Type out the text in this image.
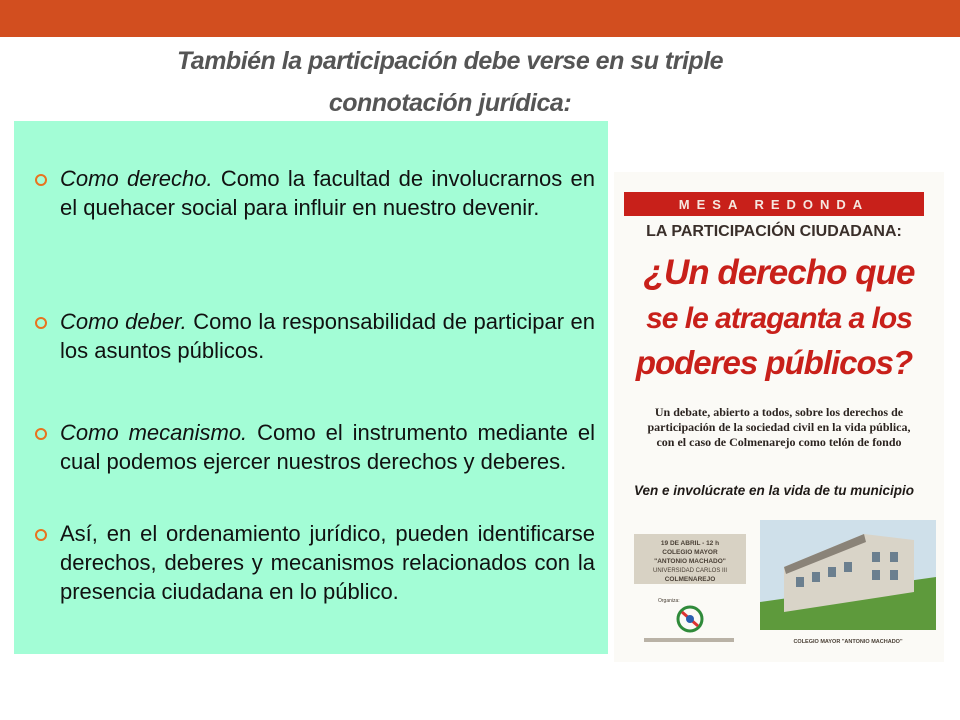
También la participación debe verse en su triple
connotación jurídica:
Como derecho. Como la facultad de involucrarnos en el quehacer social para influir en nuestro devenir.
Como deber. Como la responsabilidad de participar en los asuntos públicos.
Como mecanismo. Como el instrumento mediante el cual podemos ejercer nuestros derechos y deberes.
Así, en el ordenamiento jurídico, pueden identificarse derechos, deberes y mecanismos relacionados con la presencia ciudadana en lo público.
MESA REDONDA
LA PARTICIPACIÓN CIUDADANA:
¿Un derecho que
se le atraganta a los
poderes públicos?
Un debate, abierto a todos, sobre los derechos de
participación de la sociedad civil en la vida pública,
con el caso de Colmenarejo como telón de fondo
Ven e involúcrate en la vida de tu municipio
19 DE ABRIL - 12 h
COLEGIO MAYOR
"ANTONIO MACHADO"
UNIVERSIDAD CARLOS III
COLMENAREJO
Organiza:
COLEGIO MAYOR "ANTONIO MACHADO"
